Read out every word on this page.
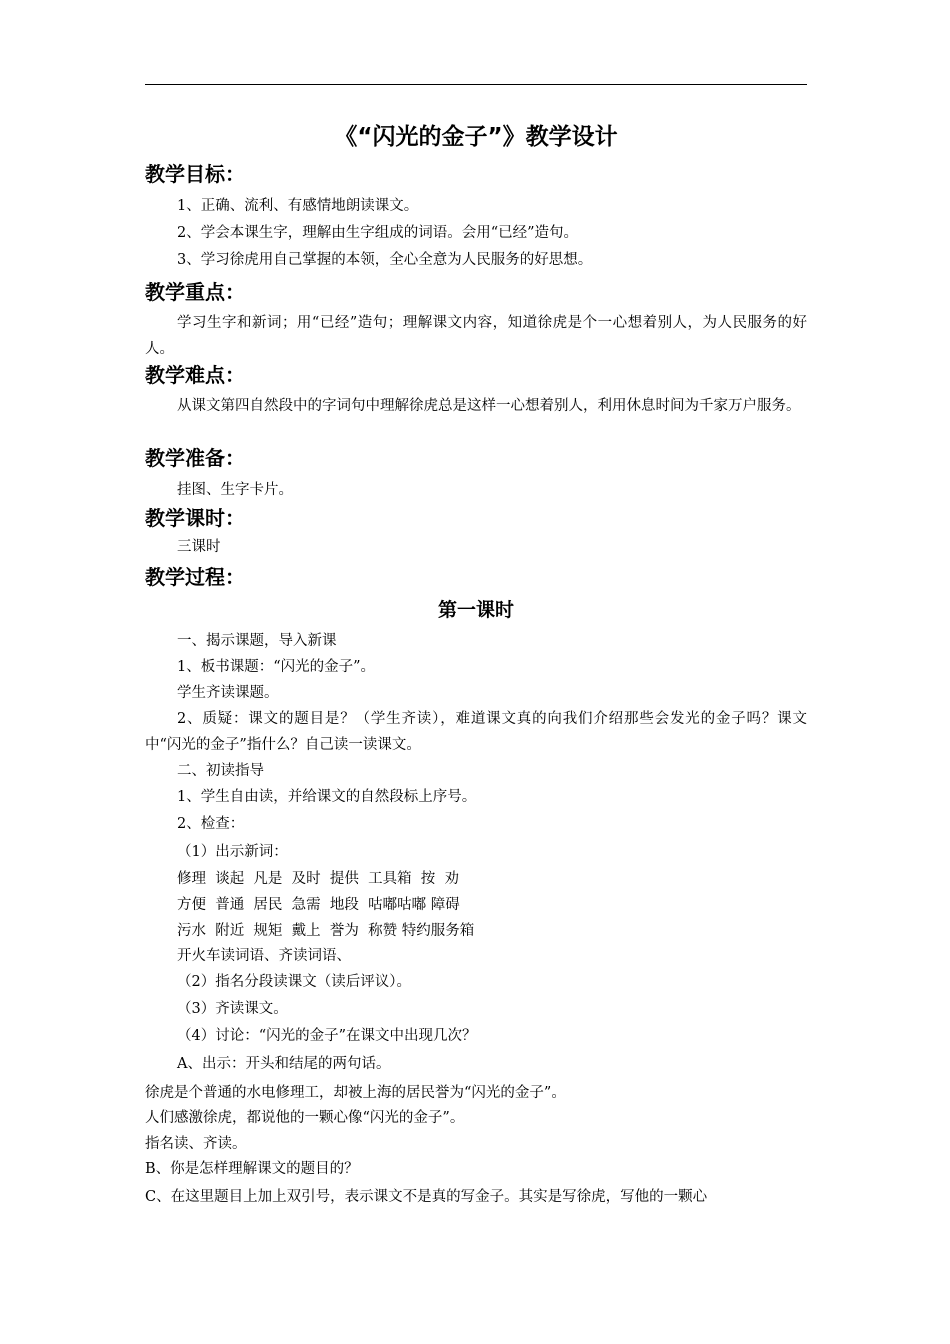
《“闪光的金子”》教学设计
教学目标：
1、正确、流利、有感情地朗读课文。
2、学会本课生字，理解由生字组成的词语。会用“已经”造句。
3、学习徐虎用自己掌握的本领，全心全意为人民服务的好思想。
教学重点：
学习生字和新词；用“已经”造句；理解课文内容，知道徐虎是个一心想着别人，为人民服务的好人。
教学难点：
从课文第四自然段中的字词句中理解徐虎总是这样一心想着别人，利用休息时间为千家万户服务。
教学准备：
挂图、生字卡片。
教学课时：
三课时
教学过程：
第一课时
一、揭示课题，导入新课
1、板书课题：“闪光的金子”。
学生齐读课题。
2、质疑：课文的题目是？（学生齐读），难道课文真的向我们介绍那些会发光的金子吗？课文中“闪光的金子”指什么？自己读一读课文。
二、初读指导
1、学生自由读，并给课文的自然段标上序号。
2、检查：
（1）出示新词：
修理  谈起  凡是  及时  提供  工具箱  按  劝
方便  普通  居民  急需  地段  咕嘟咕嘟 障碍
污水  附近  规矩  戴上  誉为  称赞 特约服务箱
开火车读词语、齐读词语、
（2）指名分段读课文（读后评议）。
（3）齐读课文。
（4）讨论：“闪光的金子”在课文中出现几次？
A、出示：开头和结尾的两句话。
徐虎是个普通的水电修理工，却被上海的居民誉为“闪光的金子”。
人们感激徐虎，都说他的一颗心像“闪光的金子”。
指名读、齐读。
B、你是怎样理解课文的题目的？
C、在这里题目上加上双引号，表示课文不是真的写金子。其实是写徐虎，写他的一颗心
